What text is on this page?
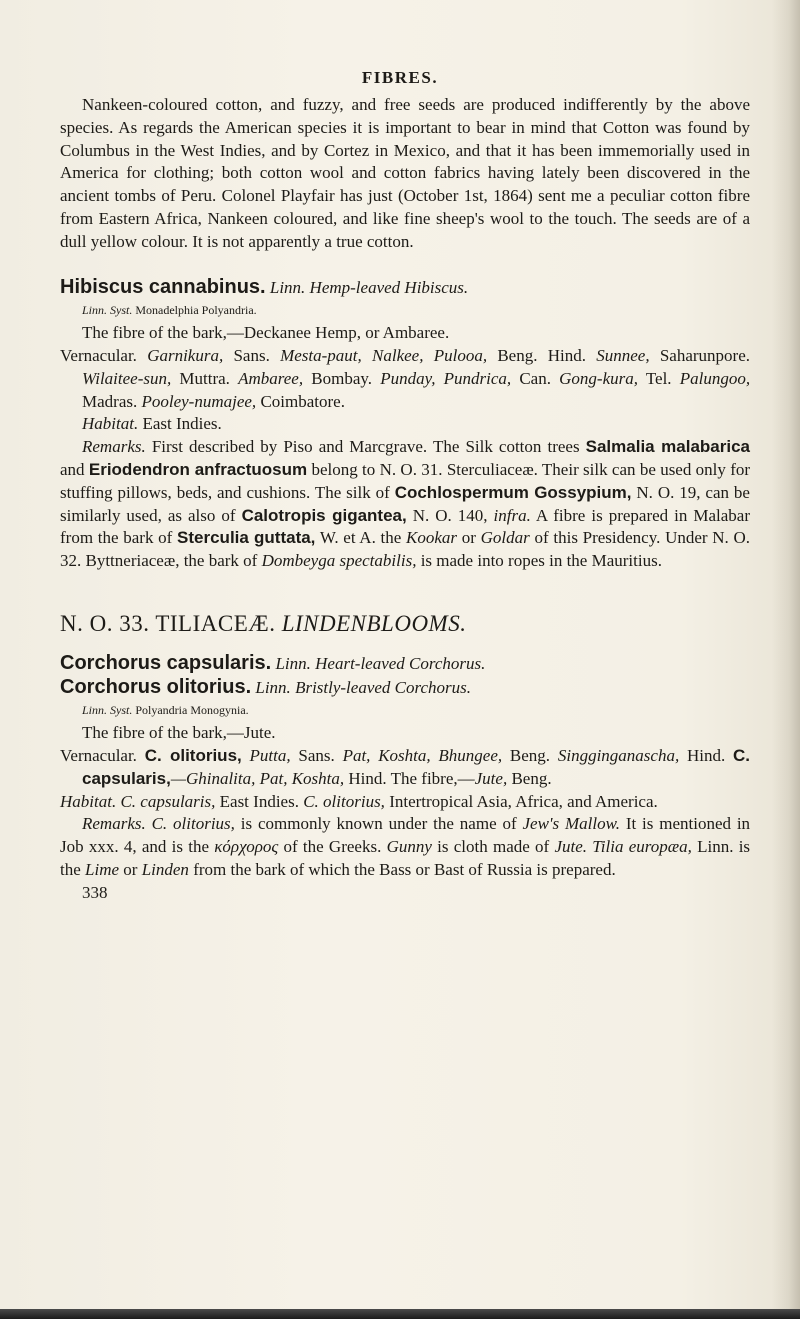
FIBRES.

Nankeen-coloured cotton, and fuzzy, and free seeds are produced indifferently by the above species. As regards the American species it is important to bear in mind that Cotton was found by Columbus in the West Indies, and by Cortez in Mexico, and that it has been immemorially used in America for clothing; both cotton wool and cotton fabrics having lately been discovered in the ancient tombs of Peru. Colonel Playfair has just (October 1st, 1864) sent me a peculiar cotton fibre from Eastern Africa, Nankeen coloured, and like fine sheep's wool to the touch. The seeds are of a dull yellow colour. It is not apparently a true cotton.

Hibiscus cannabinus. Linn. Hemp-leaved Hibiscus.

Linn. Syst. Monadelphia Polyandria.

The fibre of the bark,—Deckanee Hemp, or Ambaree.

Vernacular. Garnikura, Sans. Mesta-paut, Nalkee, Pulooa, Beng. Hind. Sunnee, Saharunpore. Wilaitee-sun, Muttra. Ambaree, Bombay. Punday, Pundrica, Can. Gong-kura, Tel. Palungoo, Madras. Pooley-numajee, Coimbatore.

Habitat. East Indies.

Remarks. First described by Piso and Marcgrave. The Silk cotton trees Salmalia malabarica and Eriodendron anfractuosum belong to N. O. 31. Sterculiaceæ. Their silk can be used only for stuffing pillows, beds, and cushions. The silk of Cochlospermum Gossypium, N. O. 19, can be similarly used, as also of Calotropis gigantea, N. O. 140, infra. A fibre is prepared in Malabar from the bark of Sterculia guttata, W. et A. the Kookar or Goldar of this Presidency. Under N. O. 32. Byttneriaceæ, the bark of Dombeyga spectabilis, is made into ropes in the Mauritius.

N. O. 33. TILIACEÆ. LINDENBLOOMS.

Corchorus capsularis. Linn. Heart-leaved Corchorus.

Corchorus olitorius. Linn. Bristly-leaved Corchorus.

Linn. Syst. Polyandria Monogynia.

The fibre of the bark,—Jute.

Vernacular. C. olitorius, Putta, Sans. Pat, Koshta, Bhungee, Beng. Singginganascha, Hind. C. capsularis,—Ghinalita, Pat, Koshta, Hind. The fibre,—Jute, Beng.

Habitat. C. capsularis, East Indies. C. olitorius, Intertropical Asia, Africa, and America.

Remarks. C. olitorius, is commonly known under the name of Jew's Mallow. It is mentioned in Job xxx. 4, and is the κόρχορος of the Greeks. Gunny is cloth made of Jute. Tilia europæa, Linn. is the Lime or Linden from the bark of which the Bass or Bast of Russia is prepared.

338
